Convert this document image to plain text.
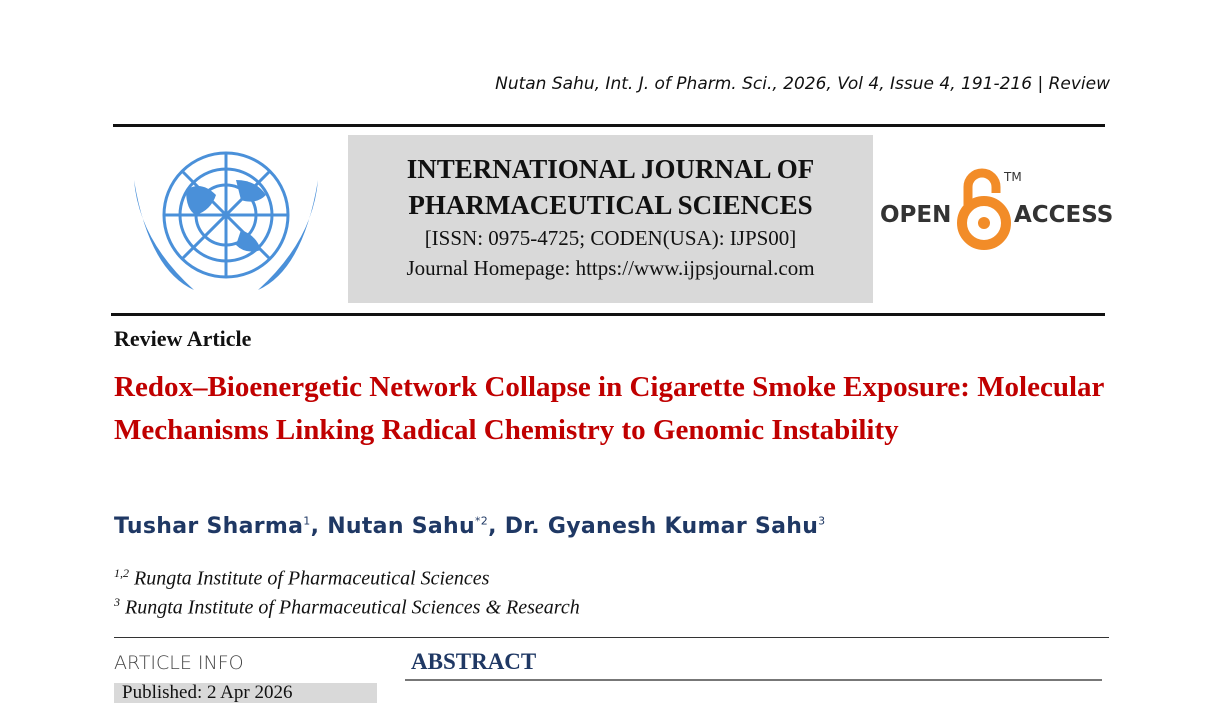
Nutan Sahu, Int. J. of Pharm. Sci., 2026, Vol 4, Issue 4, 191-216 | Review
INTERNATIONAL JOURNAL OF
PHARMACEUTICAL SCIENCES
[ISSN: 0975-4725; CODEN(USA): IJPS00]
Journal Homepage: https://www.ijpsjournal.com
OPEN
TM
ACCESS
Review Article
Redox–Bioenergetic Network Collapse in Cigarette Smoke Exposure: Molecular Mechanisms Linking Radical Chemistry to Genomic Instability
Tushar Sharma$^1$, Nutan Sahu$^{*2}$, Dr. Gyanesh Kumar Sahu$^3$
$^{1,2}$ Rungta Institute of Pharmaceutical Sciences
$^3$ Rungta Institute of Pharmaceutical Sciences & Research
ARTICLE INFO	ABSTRACT
Published: 2 Apr 2026
